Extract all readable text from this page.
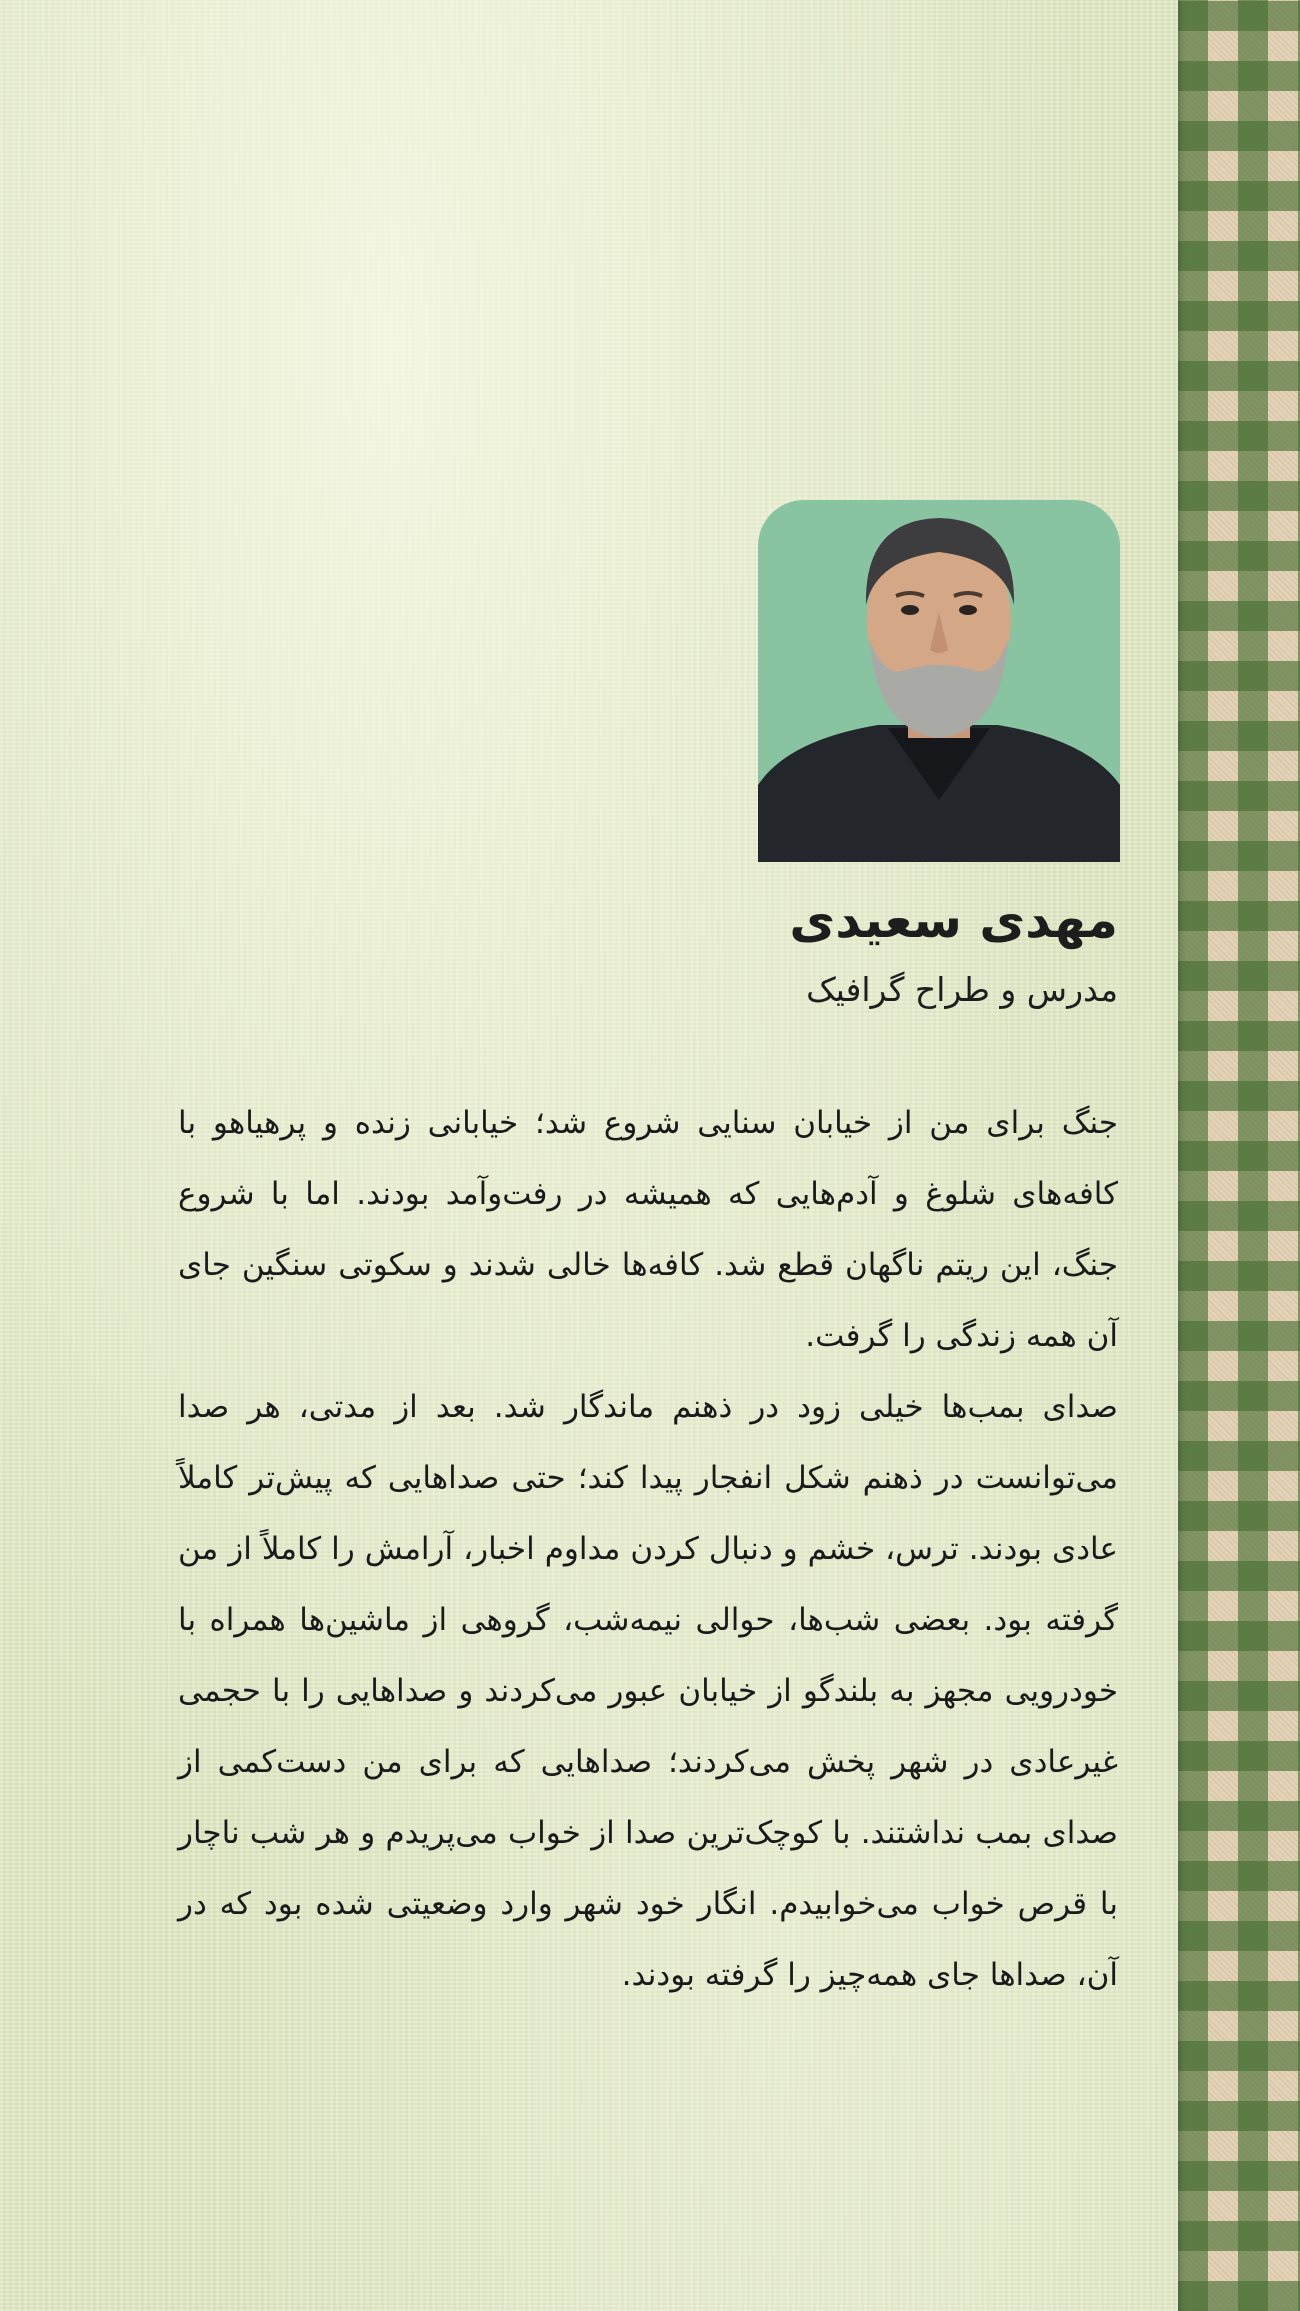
مهدی سعیدی
مدرس و طراح گرافیک

جنگ برای من از خیابان سنایی شروع شد؛ خیابانی زنده و پرهیاهو با کافه‌های شلوغ و آدم‌هایی که همیشه در رفت‌وآمد بودند. اما با شروع جنگ، این ریتم ناگهان قطع شد. کافه‌ها خالی شدند و سکوتی سنگین جای آن همه زندگی را گرفت.

صدای بمب‌ها خیلی زود در ذهنم ماندگار شد. بعد از مدتی، هر صدا می‌توانست در ذهنم شکل انفجار پیدا کند؛ حتی صداهایی که پیش‌تر کاملاً عادی بودند. ترس، خشم و دنبال کردن مداوم اخبار، آرامش را کاملاً از من گرفته بود. بعضی شب‌ها، حوالی نیمه‌شب، گروهی از ماشین‌ها همراه با خودرویی مجهز به بلندگو از خیابان عبور می‌کردند و صداهایی را با حجمی غیرعادی در شهر پخش می‌کردند؛ صداهایی که برای من دست‌کمی از صدای بمب نداشتند. با کوچک‌ترین صدا از خواب می‌پریدم و هر شب ناچار با قرص خواب می‌خوابیدم. انگار خود شهر وارد وضعیتی شده بود که در آن، صداها جای همه‌چیز را گرفته بودند.
